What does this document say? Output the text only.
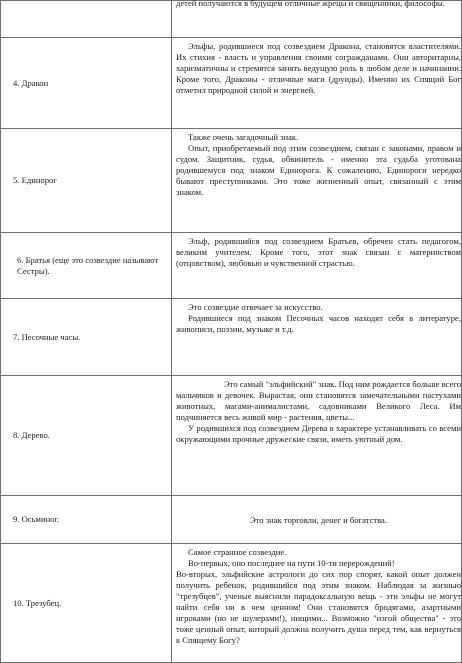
	детей получаются в будущем отличные жрецы и священники, философы.

4. Дракон	Эльфы, родившиеся под созвездием Дракона, становятся властителями. Их стихия - власть и управления своими согражданами. Они авторитарны, харизматичны и стремятся занять ведущую роль в любом деле и начинании. Кроме того, Драконы - отличные маги (друиды). Именно их Спящий Бог отметил природной силой и энергией.

5. Единорог	Также очень загадочный знак.

Опыт, приобретаемый под этим созвездием, связан с законами, правом и судом. Защитник, судья, обвинитель - именно эта судьба уготована родившемуся под знаком Единорога. К сожалению, Единороги нередко бывают преступниками. Это тоже жизненный опыт, связанный с этим знаком.

6. Братья (еще это созвездие называют Сестры).	Эльф, родившийся под созвездием Братьев, обречен стать педагогом, великим учителем. Кроме того, этот знак связан с материнством (отцовством), любовью и чувственной страстью.

7. Песочные часы.	Это созвездие отвечает за искусство.

Родившиеся под знаком Песочных часов находят себя в литературе, живописи, поэзии, музыке и т.д.

8. Дерево.	Это самый "эльфийский" знак. Под ним рождается больше всего мальчиков и девочек. Вырастая, они становятся замечательными пастухами животных, магами-анималистами, садовниками Великого Леса. Им подчиняется весь живой мир - растения, цветы...

У родившихся под созвездием Дерева в характере устанавливать со всеми окружающими прочные дружеские связи, иметь уютный дом.

9. Осьминог.	Это знак торговли, денег и богатства.

10. Трезубец.	Самое странное созвездие.

Во-первых, оно последнее на пути 10-ти перерождений!

Во-вторых, эльфийские астрологи до сих пор спорят, какой опыт должен получить ребенок, родившийся под этим знаком. Наблюдая за жизнью "трезубцев", ученые выяснили парадоксальную вещь - эти эльфы не могут найти себя ни в чем ценном! Они становятся бродягами, азартными игроками (но не шулерами!), нищими... Возможно "изгой общества" - это тоже ценный опыт, который должна получить душа перед тем, как вернуться к Спящему Богу?
